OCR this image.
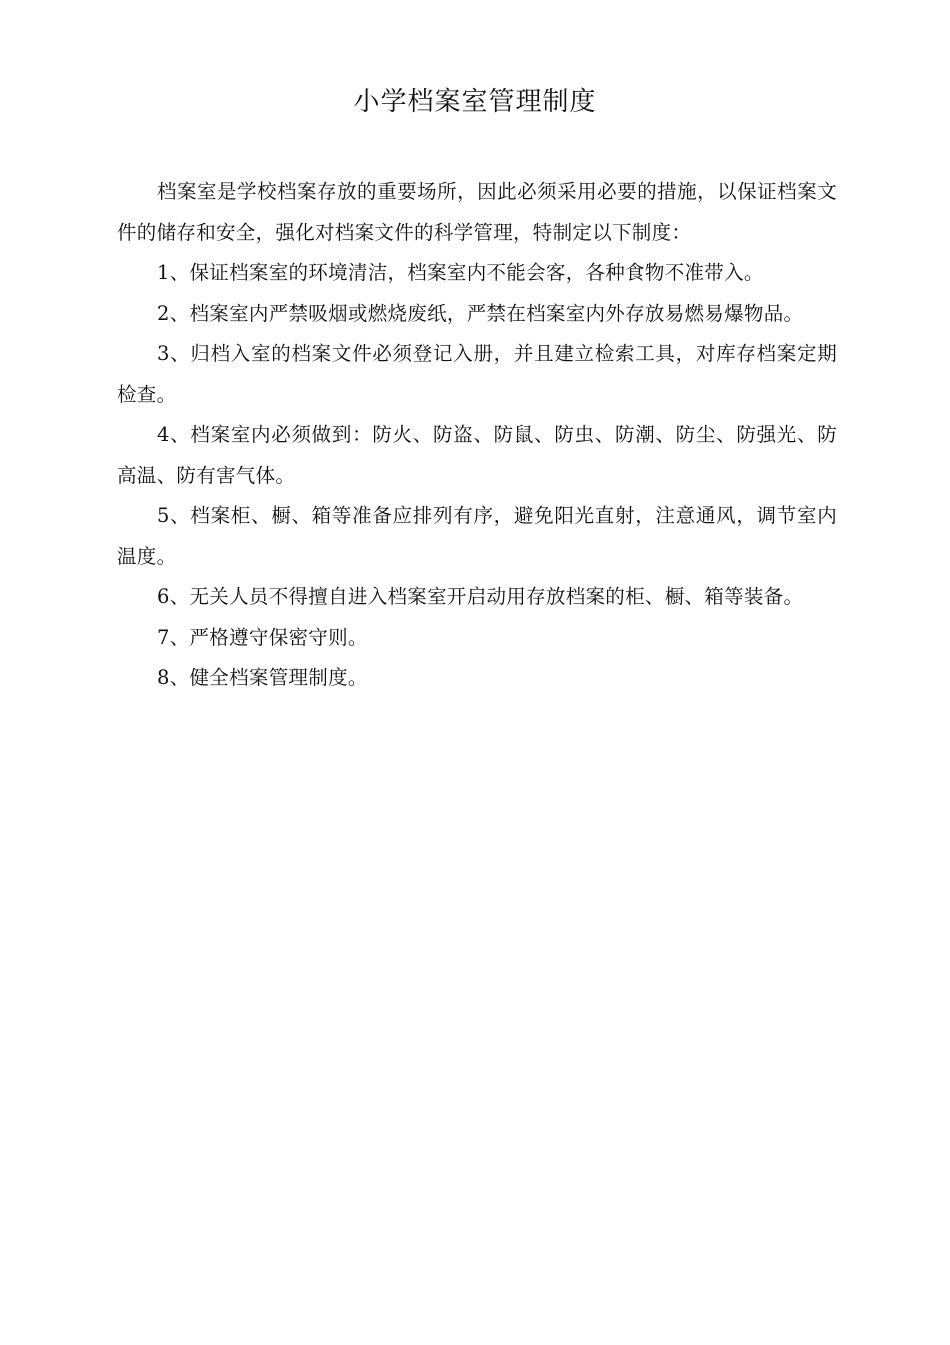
小学档案室管理制度

档案室是学校档案存放的重要场所，因此必须采用必要的措施，以保证档案文件的储存和安全，强化对档案文件的科学管理，特制定以下制度：

1、保证档案室的环境清洁，档案室内不能会客，各种食物不准带入。

2、档案室内严禁吸烟或燃烧废纸，严禁在档案室内外存放易燃易爆物品。

3、归档入室的档案文件必须登记入册，并且建立检索工具，对库存档案定期检查。

4、档案室内必须做到：防火、防盗、防鼠、防虫、防潮、防尘、防强光、防高温、防有害气体。

5、档案柜、橱、箱等准备应排列有序，避免阳光直射，注意通风，调节室内温度。

6、无关人员不得擅自进入档案室开启动用存放档案的柜、橱、箱等装备。

7、严格遵守保密守则。

8、健全档案管理制度。
